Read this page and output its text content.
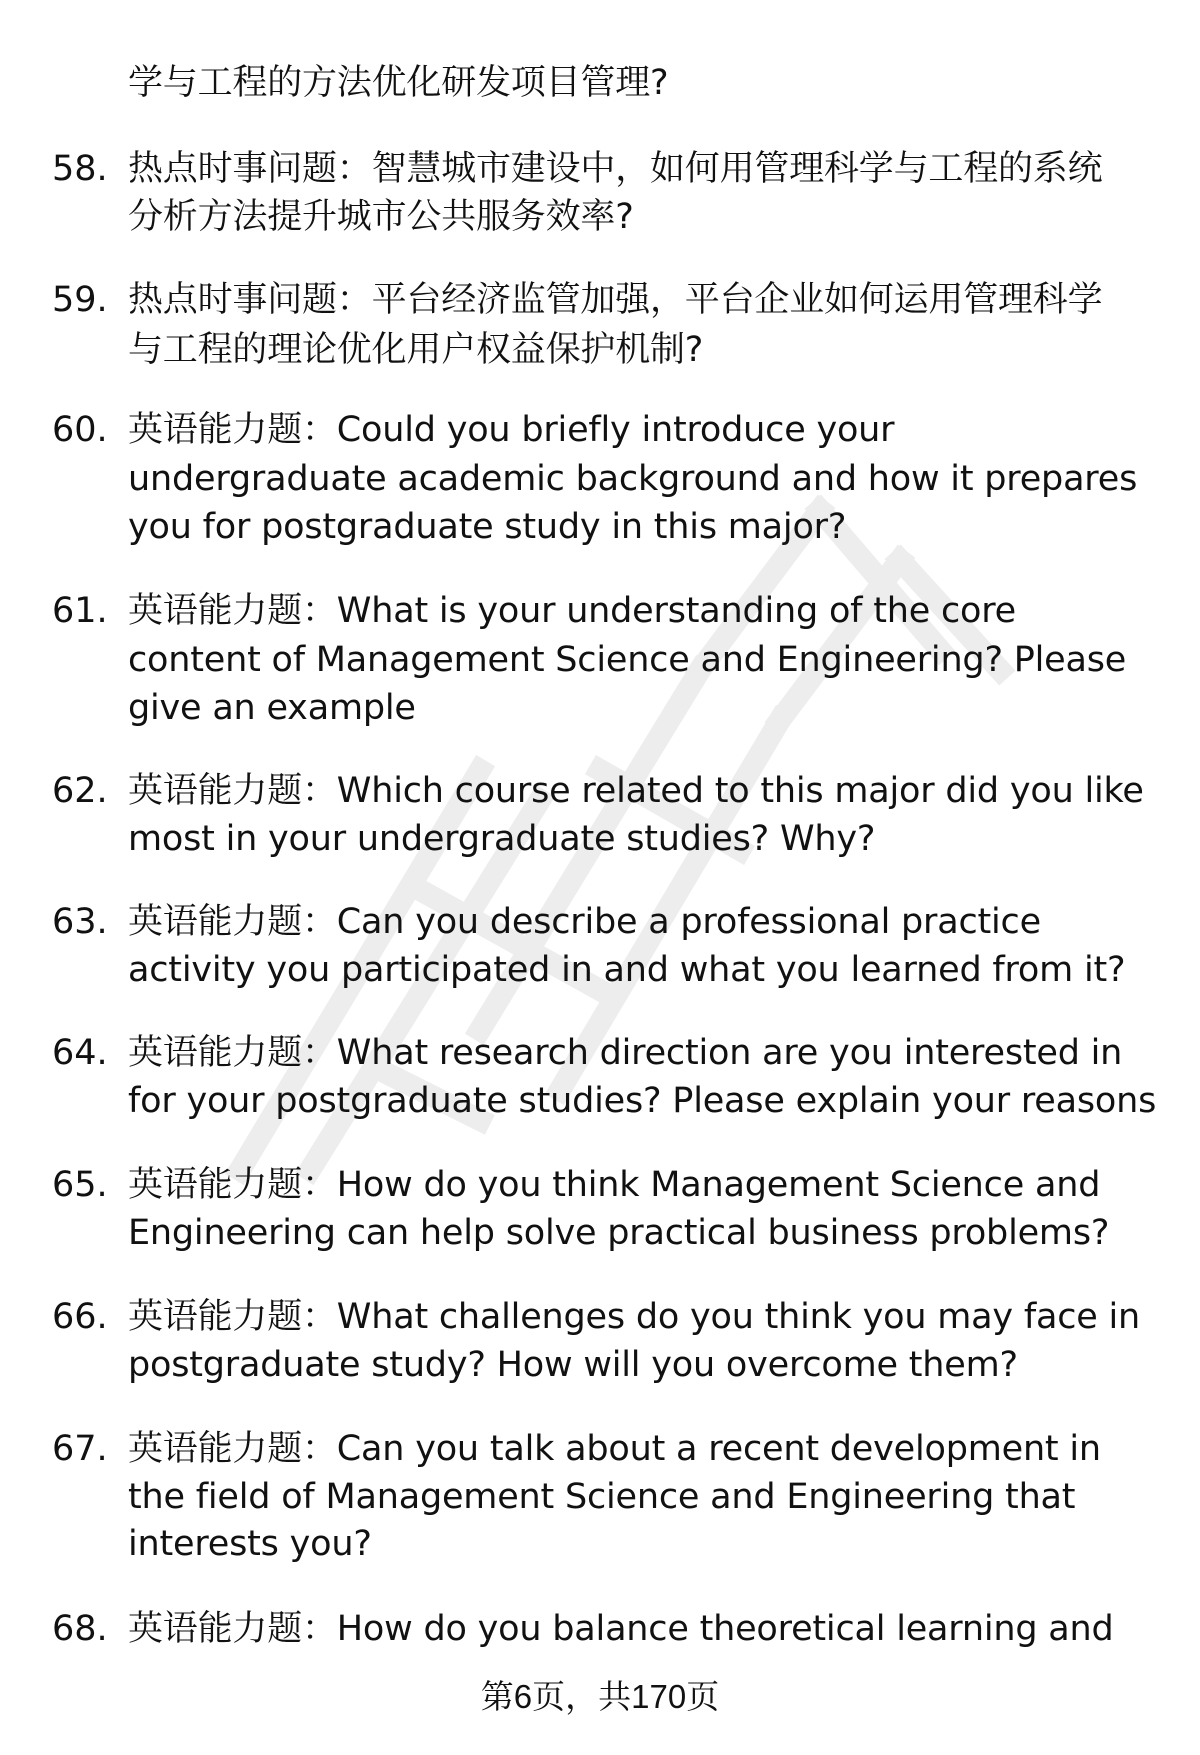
学与工程的方法优化研发项目管理?
58. 热点时事问题：智慧城市建设中，如何用管理科学与工程的系统
分析方法提升城市公共服务效率?
59. 热点时事问题：平台经济监管加强，平台企业如何运用管理科学
与工程的理论优化用户权益保护机制?
60. 英语能力题：Could you briefly introduce your
undergraduate academic background and how it prepares
you for postgraduate study in this major?
61. 英语能力题：What is your understanding of the core
content of Management Science and Engineering? Please
give an example
62. 英语能力题：Which course related to this major did you like
most in your undergraduate studies? Why?
63. 英语能力题：Can you describe a professional practice
activity you participated in and what you learned from it?
64. 英语能力题：What research direction are you interested in
for your postgraduate studies? Please explain your reasons
65. 英语能力题：How do you think Management Science and
Engineering can help solve practical business problems?
66. 英语能力题：What challenges do you think you may face in
postgraduate study? How will you overcome them?
67. 英语能力题：Can you talk about a recent development in
the field of Management Science and Engineering that
interests you?
68. 英语能力题：How do you balance theoretical learning and
第6页，共170页
